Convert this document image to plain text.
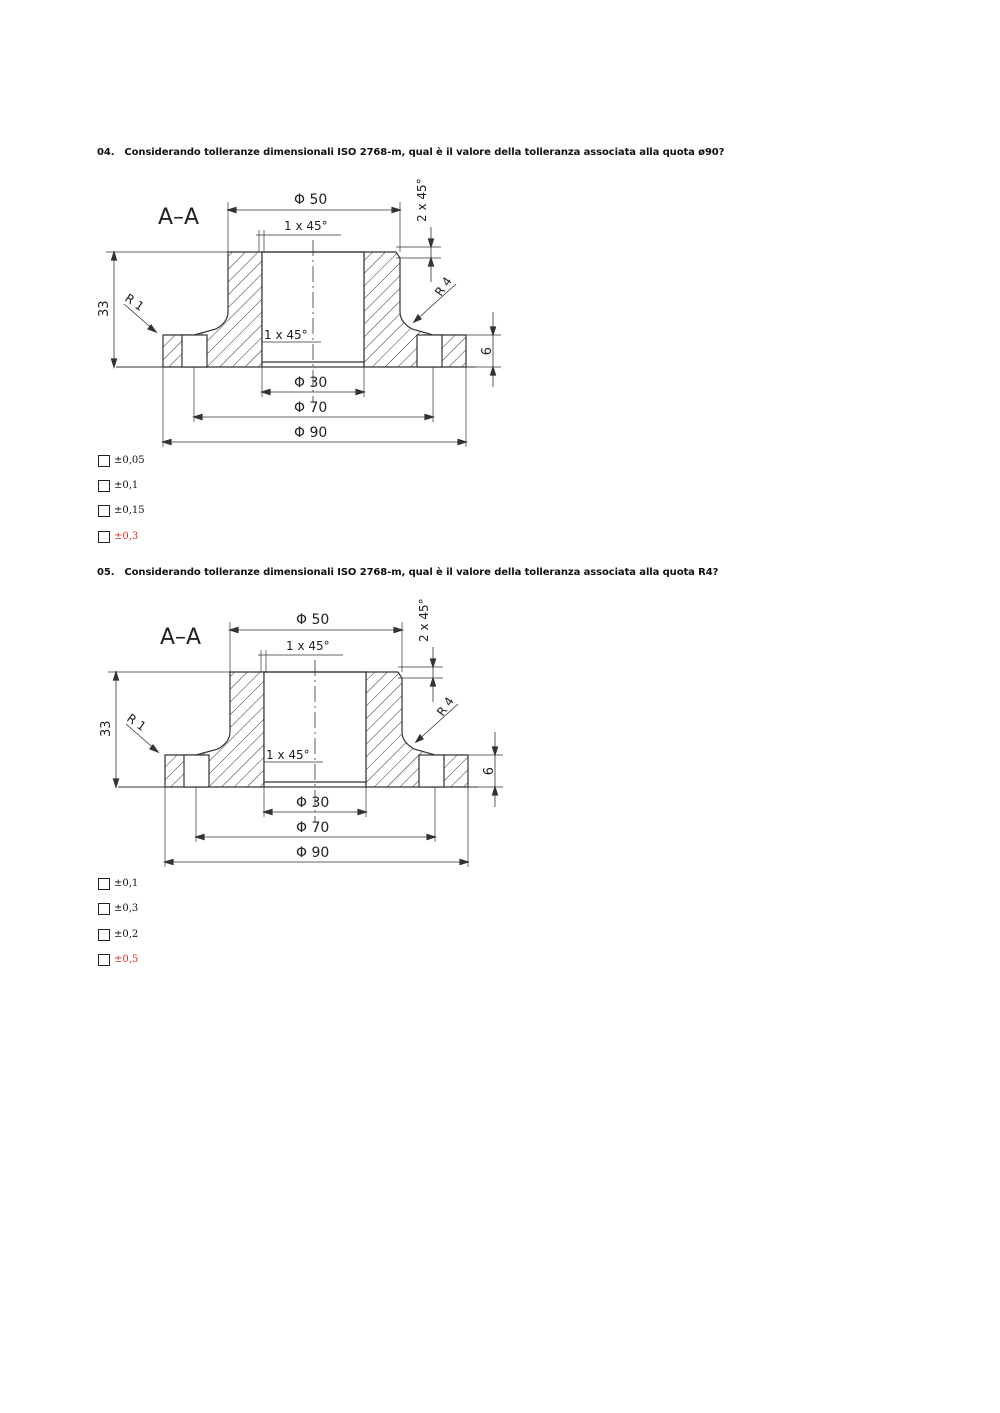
04. Considerando tolleranze dimensionali ISO 2768-m, qual è il valore della tolleranza associata alla quota ø90?
A–A
Φ 50
1 x 45°
2 x 45°
R 1
R 4
33
9
1 x 45°
Φ 30
Φ 70
Φ 90
±0,05
±0,1
±0,15
±0,3
05. Considerando tolleranze dimensionali ISO 2768-m, qual è il valore della tolleranza associata alla quota R4?
A–A
Φ 50
1 x 45°
2 x 45°
R 1
R 4
33
9
1 x 45°
Φ 30
Φ 70
Φ 90
±0,1
±0,3
±0,2
±0,5
